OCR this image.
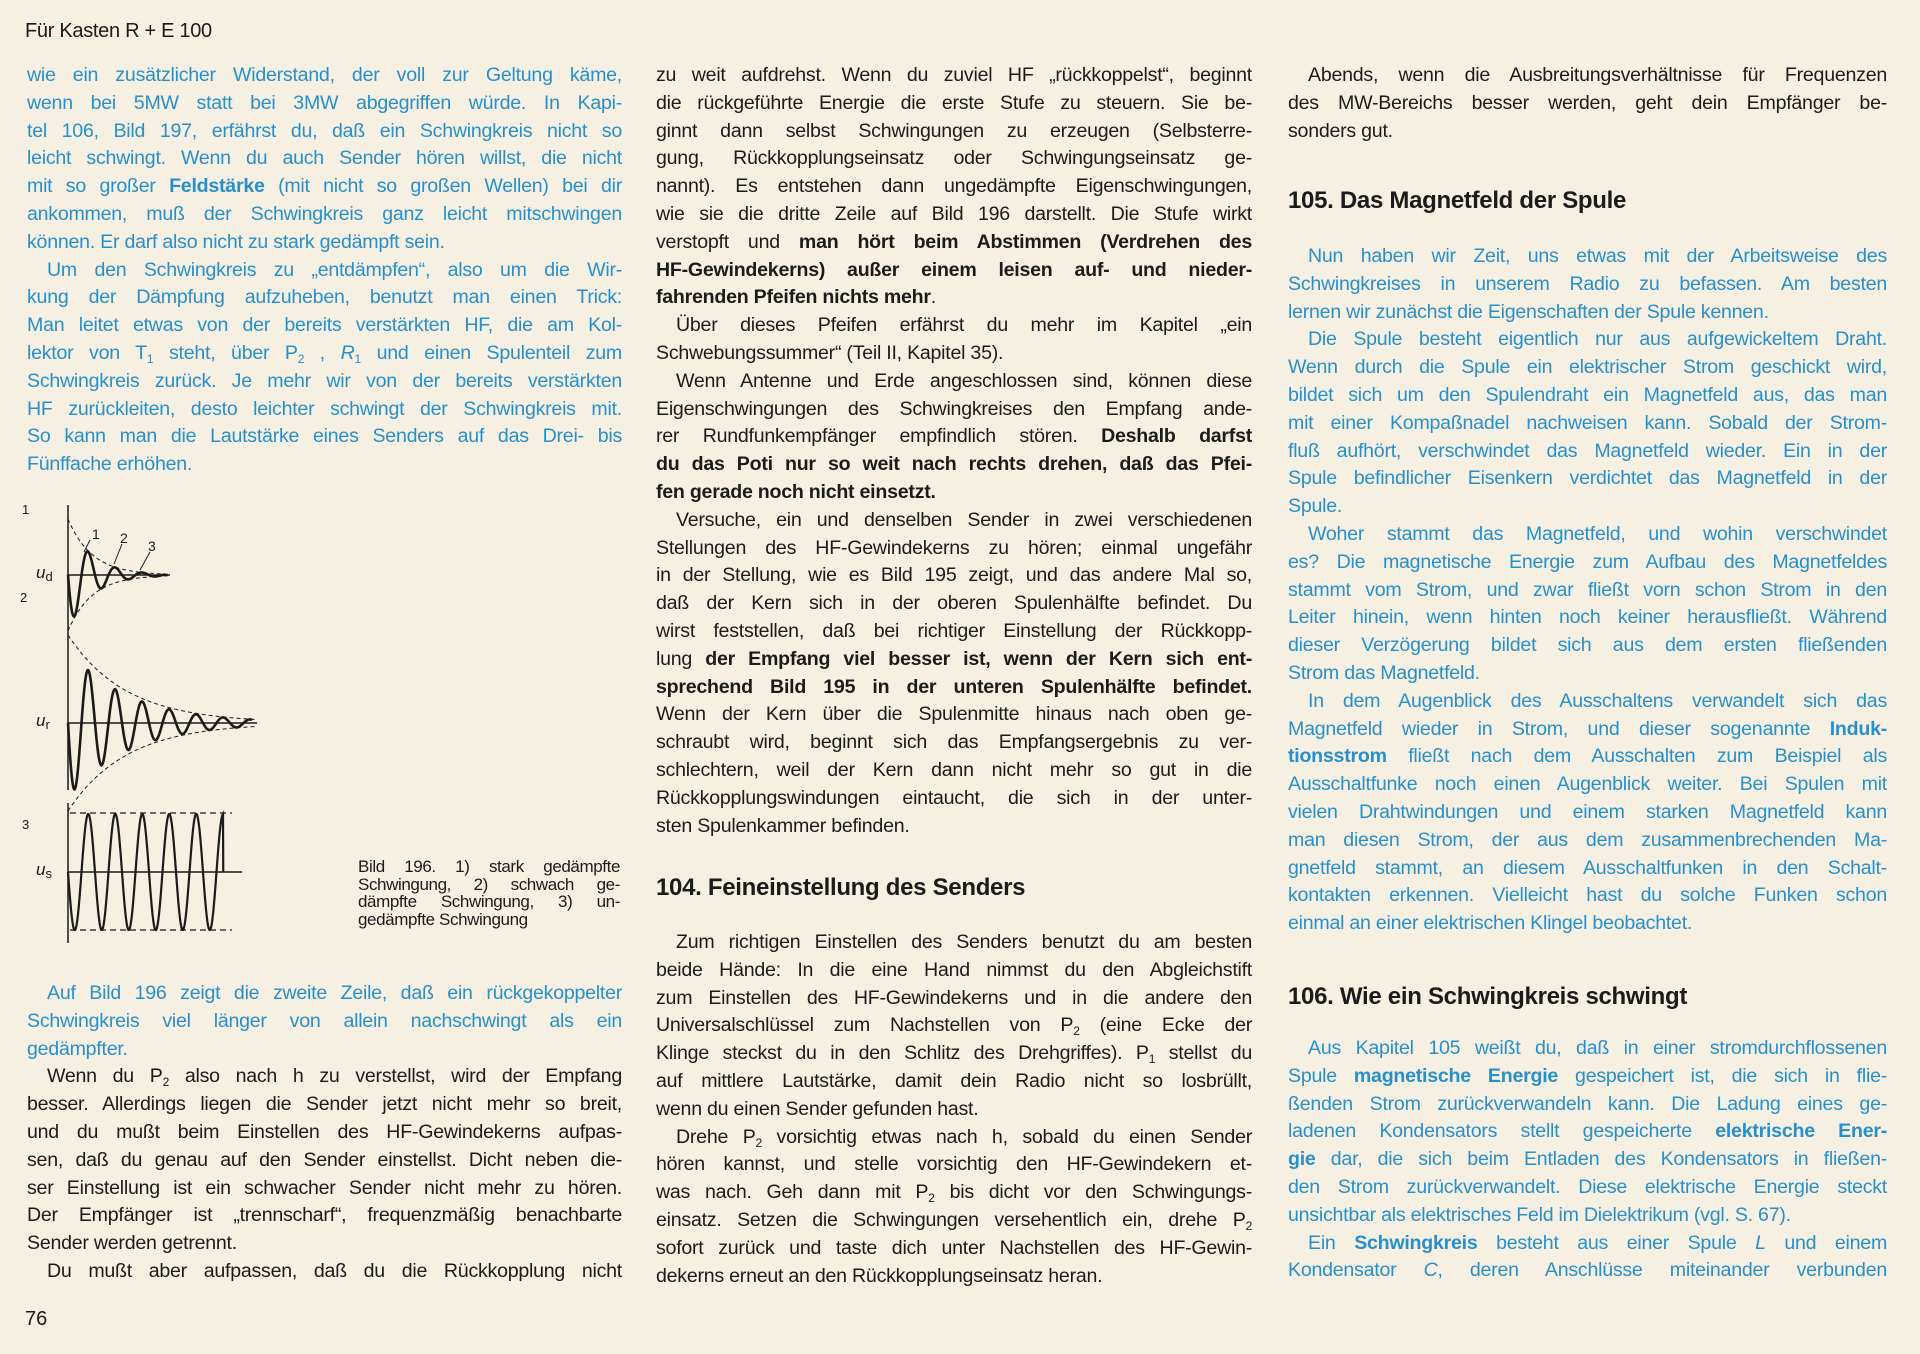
Für Kasten R + E 100
76
wie ein zusätzlicher Widerstand, der voll zur Geltung käme,
wenn bei 5MW statt bei 3MW abgegriffen würde. In Kapi-
tel 106, Bild 197, erfährst du, daß ein Schwingkreis nicht so
leicht schwingt. Wenn du auch Sender hören willst, die nicht
mit so großer Feldstärke (mit nicht so großen Wellen) bei dir
ankommen, muß der Schwingkreis ganz leicht mitschwingen
können. Er darf also nicht zu stark gedämpft sein.
Um den Schwingkreis zu „entdämpfen“, also um die Wir-
kung der Dämpfung aufzuheben, benutzt man einen Trick:
Man leitet etwas von der bereits verstärkten HF, die am Kol-
lektor von $T_1$ steht, über $P_2$ , $R_1$ und einen Spulenteil zum
Schwingkreis zurück. Je mehr wir von der bereits verstärkten
HF zurückleiten, desto leichter schwingt der Schwingkreis mit.
So kann man die Lautstärke eines Senders auf das Drei- bis
Fünffache erhöhen.
Auf Bild 196 zeigt die zweite Zeile, daß ein rückgekoppelter
Schwingkreis viel länger von allein nachschwingt als ein
gedämpfter.
Wenn du $P_2$ also nach h zu verstellst, wird der Empfang
besser. Allerdings liegen die Sender jetzt nicht mehr so breit,
und du mußt beim Einstellen des HF-Gewindekerns aufpas-
sen, daß du genau auf den Sender einstellst. Dicht neben die-
ser Einstellung ist ein schwacher Sender nicht mehr zu hören.
Der Empfänger ist „trennscharf“, frequenzmäßig benachbarte
Sender werden getrennt.
Du mußt aber aufpassen, daß du die Rückkopplung nicht
zu weit aufdrehst. Wenn du zuviel HF „rückkoppelst“, beginnt
die rückgeführte Energie die erste Stufe zu steuern. Sie be-
ginnt dann selbst Schwingungen zu erzeugen (Selbsterre-
gung, Rückkopplungseinsatz oder Schwingungseinsatz ge-
nannt). Es entstehen dann ungedämpfte Eigenschwingungen,
wie sie die dritte Zeile auf Bild 196 darstellt. Die Stufe wirkt
verstopft und man hört beim Abstimmen (Verdrehen des
HF-Gewindekerns) außer einem leisen auf- und nieder-
fahrenden Pfeifen nichts mehr.
Über dieses Pfeifen erfährst du mehr im Kapitel „ein
Schwebungssummer“ (Teil II, Kapitel 35).
Wenn Antenne und Erde angeschlossen sind, können diese
Eigenschwingungen des Schwingkreises den Empfang ande-
rer Rundfunkempfänger empfindlich stören. Deshalb darfst
du das Poti nur so weit nach rechts drehen, daß das Pfei-
fen gerade noch nicht einsetzt.
Versuche, ein und denselben Sender in zwei verschiedenen
Stellungen des HF-Gewindekerns zu hören; einmal ungefähr
in der Stellung, wie es Bild 195 zeigt, und das andere Mal so,
daß der Kern sich in der oberen Spulenhälfte befindet. Du
wirst feststellen, daß bei richtiger Einstellung der Rückkopp-
lung der Empfang viel besser ist, wenn der Kern sich ent-
sprechend Bild 195 in der unteren Spulenhälfte befindet.
Wenn der Kern über die Spulenmitte hinaus nach oben ge-
schraubt wird, beginnt sich das Empfangsergebnis zu ver-
schlechtern, weil der Kern dann nicht mehr so gut in die
Rückkopplungswindungen eintaucht, die sich in der unter-
sten Spulenkammer befinden.
104. Feineinstellung des Senders
Zum richtigen Einstellen des Senders benutzt du am besten
beide Hände: In die eine Hand nimmst du den Abgleichstift
zum Einstellen des HF-Gewindekerns und in die andere den
Universalschlüssel zum Nachstellen von $P_2$ (eine Ecke der
Klinge steckst du in den Schlitz des Drehgriffes). $P_1$ stellst du
auf mittlere Lautstärke, damit dein Radio nicht so losbrüllt,
wenn du einen Sender gefunden hast.
Drehe $P_2$ vorsichtig etwas nach h, sobald du einen Sender
hören kannst, und stelle vorsichtig den HF-Gewindekern et-
was nach. Geh dann mit $P_2$ bis dicht vor den Schwingungs-
einsatz. Setzen die Schwingungen versehentlich ein, drehe $P_2$
sofort zurück und taste dich unter Nachstellen des HF-Gewin-
dekerns erneut an den Rückkopplungseinsatz heran.
Abends, wenn die Ausbreitungsverhältnisse für Frequenzen
des MW-Bereichs besser werden, geht dein Empfänger be-
sonders gut.
105. Das Magnetfeld der Spule
Nun haben wir Zeit, uns etwas mit der Arbeitsweise des
Schwingkreises in unserem Radio zu befassen. Am besten
lernen wir zunächst die Eigenschaften der Spule kennen.
Die Spule besteht eigentlich nur aus aufgewickeltem Draht.
Wenn durch die Spule ein elektrischer Strom geschickt wird,
bildet sich um den Spulendraht ein Magnetfeld aus, das man
mit einer Kompaßnadel nachweisen kann. Sobald der Strom-
fluß aufhört, verschwindet das Magnetfeld wieder. Ein in der
Spule befindlicher Eisenkern verdichtet das Magnetfeld in der
Spule.
Woher stammt das Magnetfeld, und wohin verschwindet
es? Die magnetische Energie zum Aufbau des Magnetfeldes
stammt vom Strom, und zwar fließt vorn schon Strom in den
Leiter hinein, wenn hinten noch keiner herausfließt. Während
dieser Verzögerung bildet sich aus dem ersten fließenden
Strom das Magnetfeld.
In dem Augenblick des Ausschaltens verwandelt sich das
Magnetfeld wieder in Strom, und dieser sogenannte Induk-
tionsstrom fließt nach dem Ausschalten zum Beispiel als
Ausschaltfunke noch einen Augenblick weiter. Bei Spulen mit
vielen Drahtwindungen und einem starken Magnetfeld kann
man diesen Strom, der aus dem zusammenbrechenden Ma-
gnetfeld stammt, an diesem Ausschaltfunken in den Schalt-
kontakten erkennen. Vielleicht hast du solche Funken schon
einmal an einer elektrischen Klingel beobachtet.
106. Wie ein Schwingkreis schwingt
Aus Kapitel 105 weißt du, daß in einer stromdurchflossenen
Spule magnetische Energie gespeichert ist, die sich in flie-
ßenden Strom zurückverwandeln kann. Die Ladung eines ge-
ladenen Kondensators stellt gespeicherte elektrische Ener-
gie dar, die sich beim Entladen des Kondensators in fließen-
den Strom zurückverwandelt. Diese elektrische Energie steckt
unsichtbar als elektrisches Feld im Dielektrikum (vgl. S. 67).
Ein Schwingkreis besteht aus einer Spule L und einem
Kondensator C, deren Anschlüsse miteinander verbunden
1
2
3
1 2 3
$u_d$
$u_r$
$u_s$	Bild 196. 1) stark gedämpfte
Schwingung, 2) schwach ge-
dämpfte Schwingung, 3) un-
gedämpfte Schwingung
